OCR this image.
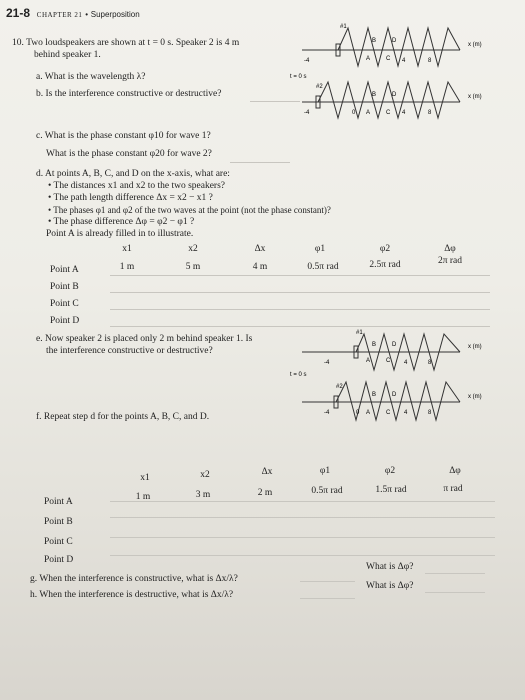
21-8 CHAPTER 21 • Superposition
10. Two loudspeakers are shown at t = 0 s. Speaker 2 is 4 m
behind speaker 1.
a. What is the wavelength λ?
b. Is the interference constructive or destructive?
#1
#2
x (m)
x (m)
t = 0 s
-4
-4
B	D
A	C 4	8
B	D
0 A	C 4	8
c. What is the phase constant φ10 for wave 1?
What is the phase constant φ20 for wave 2?
d. At points A, B, C, and D on the x-axis, what are:
• The distances x1 and x2 to the two speakers?
• The path length difference Δx = x2 − x1 ?
• The phases φ1 and φ2 of the two waves at the point (not the phase constant)?
• The phase difference Δφ = φ2 − φ1 ?
Point A is already filled in to illustrate.
x1	x2	Δx	φ1	φ2	Δφ
Point A	1 m	5 m	4 m	0.5π rad	2.5π rad	2π rad
Point B
Point C
Point D
e. Now speaker 2 is placed only 2 m behind speaker 1. Is
the interference constructive or destructive?
#1
#2
x (m)
x (m)
t = 0 s
-4
-4
B	D
A	C 4	8
B	D
0 A	C 4	8
f. Repeat step d for the points A, B, C, and D.
x1	x2	Δx	φ1	φ2	Δφ
Point A	1 m	3 m	2 m	0.5π rad	1.5π rad	π rad
Point B
Point C
Point D
g. When the interference is constructive, what is Δx/λ?
What is Δφ?
h. When the interference is destructive, what is Δx/λ?
What is Δφ?
